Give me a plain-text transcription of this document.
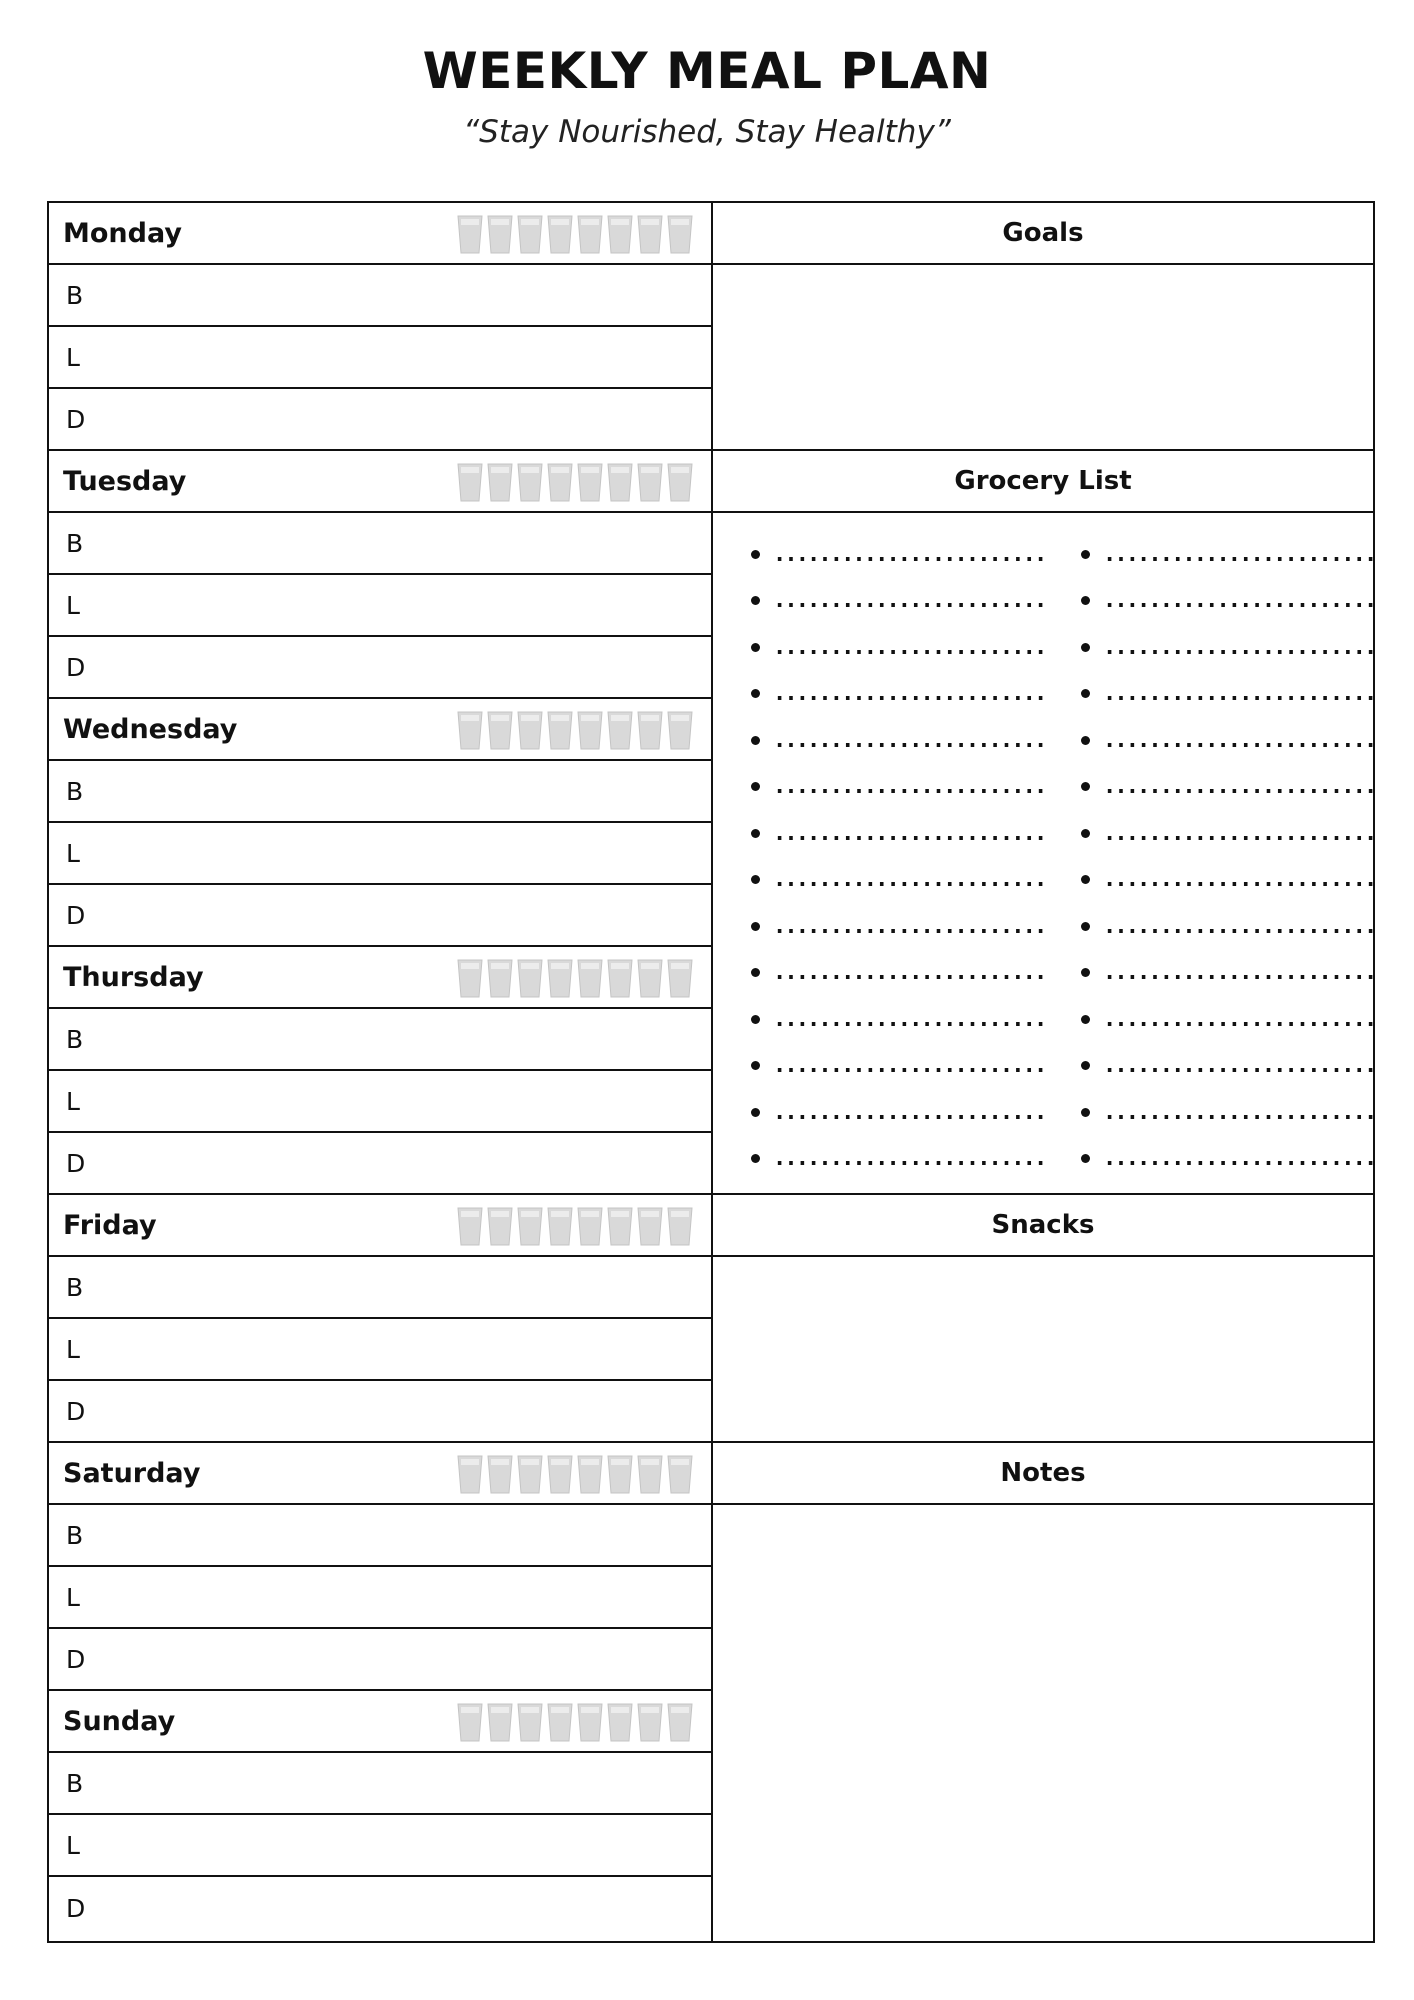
WEEKLY MEAL PLAN
“Stay Nourished, Stay Healthy”
Monday
B
L
D
Tuesday
B
L
D
Wednesday
B
L
D
Thursday
B
L
D
Friday
B
L
D
Saturday
B
L
D
Sunday
B
L
D
Goals
Grocery List
........................
........................
........................
........................
........................
........................
........................
........................
........................
........................
........................
........................
........................
........................
........................
........................
........................
........................
........................
........................
........................
........................
........................
........................
........................
........................
........................
........................
Snacks
Notes
